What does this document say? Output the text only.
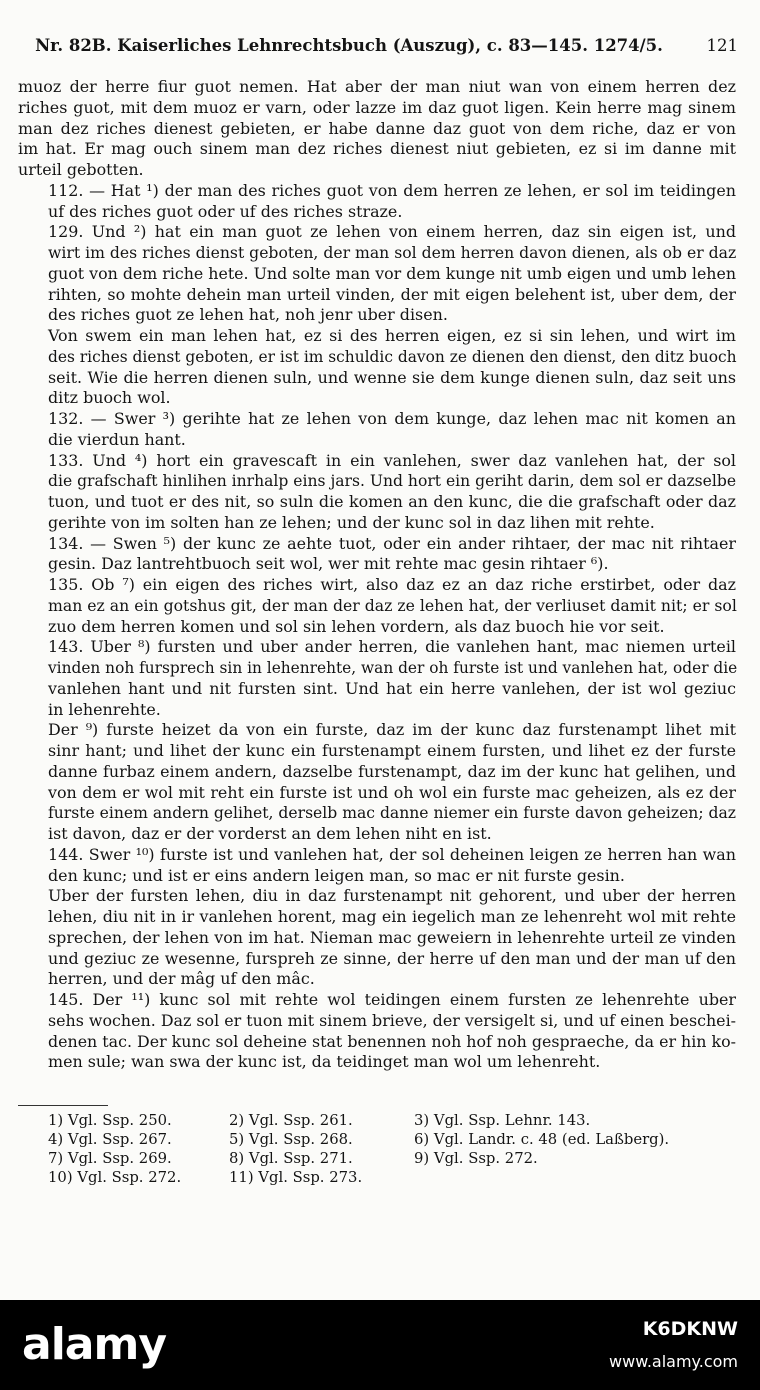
Nr. 82B. Kaiserliches Lehnrechtsbuch (Auszug), c. 83—145. 1274/5.	121
muoz der herre fiur guot nemen. Hat aber der man niut wan von einem herren dez
riches guot, mit dem muoz er varn, oder lazze im daz guot ligen. Kein herre mag sinem
man dez riches dienest gebieten, er habe danne daz guot von dem riche, daz er von
im hat. Er mag ouch sinem man dez riches dienest niut gebieten, ez si im danne mit
urteil gebotten.
112. — Hat ¹) der man des riches guot von dem herren ze lehen, er sol im teidingen
uf des riches guot oder uf des riches straze.
129. Und ²) hat ein man guot ze lehen von einem herren, daz sin eigen ist, und
wirt im des riches dienst geboten, der man sol dem herren davon dienen, als ob er daz
guot von dem riche hete. Und solte man vor dem kunge nit umb eigen und umb lehen
rihten, so mohte dehein man urteil vinden, der mit eigen belehent ist, uber dem, der
des riches guot ze lehen hat, noh jenr uber disen.
Von swem ein man lehen hat, ez si des herren eigen, ez si sin lehen, und wirt im
des riches dienst geboten, er ist im schuldic davon ze dienen den dienst, den ditz buoch
seit. Wie die herren dienen suln, und wenne sie dem kunge dienen suln, daz seit uns
ditz buoch wol.
132. — Swer ³) gerihte hat ze lehen von dem kunge, daz lehen mac nit komen an
die vierdun hant.
133. Und ⁴) hort ein gravescaft in ein vanlehen, swer daz vanlehen hat, der sol
die grafschaft hinlihen inrhalp eins jars. Und hort ein geriht darin, dem sol er dazselbe
tuon, und tuot er des nit, so suln die komen an den kunc, die die grafschaft oder daz
gerihte von im solten han ze lehen; und der kunc sol in daz lihen mit rehte.
134. — Swen ⁵) der kunc ze aehte tuot, oder ein ander rihtaer, der mac nit rihtaer
gesin. Daz lantrehtbuoch seit wol, wer mit rehte mac gesin rihtaer ⁶).
135. Ob ⁷) ein eigen des riches wirt, also daz ez an daz riche erstirbet, oder daz
man ez an ein gotshus git, der man der daz ze lehen hat, der verliuset damit nit; er sol
zuo dem herren komen und sol sin lehen vordern, als daz buoch hie vor seit.
143. Uber ⁸) fursten und uber ander herren, die vanlehen hant, mac niemen urteil
vinden noh fursprech sin in lehenrehte, wan der oh furste ist und vanlehen hat, oder die
vanlehen hant und nit fursten sint. Und hat ein herre vanlehen, der ist wol geziuc
in lehenrehte.
Der ⁹) furste heizet da von ein furste, daz im der kunc daz furstenampt lihet mit
sinr hant; und lihet der kunc ein furstenampt einem fursten, und lihet ez der furste
danne furbaz einem andern, dazselbe furstenampt, daz im der kunc hat gelihen, und
von dem er wol mit reht ein furste ist und oh wol ein furste mac geheizen, als ez der
furste einem andern gelihet, derselb mac danne niemer ein furste davon geheizen; daz
ist davon, daz er der vorderst an dem lehen niht en ist.
144. Swer ¹⁰) furste ist und vanlehen hat, der sol deheinen leigen ze herren han wan
den kunc; und ist er eins andern leigen man, so mac er nit furste gesin.
Uber der fursten lehen, diu in daz furstenampt nit gehorent, und uber der herren
lehen, diu nit in ir vanlehen horent, mag ein iegelich man ze lehenreht wol mit rehte
sprechen, der lehen von im hat. Nieman mac geweiern in lehenrehte urteil ze vinden
und geziuc ze wesenne, furspreh ze sinne, der herre uf den man und der man uf den
herren, und der mâg uf den mâc.
145. Der ¹¹) kunc sol mit rehte wol teidingen einem fursten ze lehenrehte uber
sehs wochen. Daz sol er tuon mit sinem brieve, der versigelt si, und uf einen beschei-
denen tac. Der kunc sol deheine stat benennen noh hof noh gespraeche, da er hin ko-
men sule; wan swa der kunc ist, da teidinget man wol um lehenreht.
1) Vgl. Ssp. 250.	2) Vgl. Ssp. 261.	3) Vgl. Ssp. Lehnr. 143.
4) Vgl. Ssp. 267.	5) Vgl. Ssp. 268.	6) Vgl. Landr. c. 48 (ed. Laßberg).
7) Vgl. Ssp. 269.	8) Vgl. Ssp. 271.	9) Vgl. Ssp. 272.
10) Vgl. Ssp. 272.	11) Vgl. Ssp. 273.
alamy	K6DKNW
www.alamy.com
